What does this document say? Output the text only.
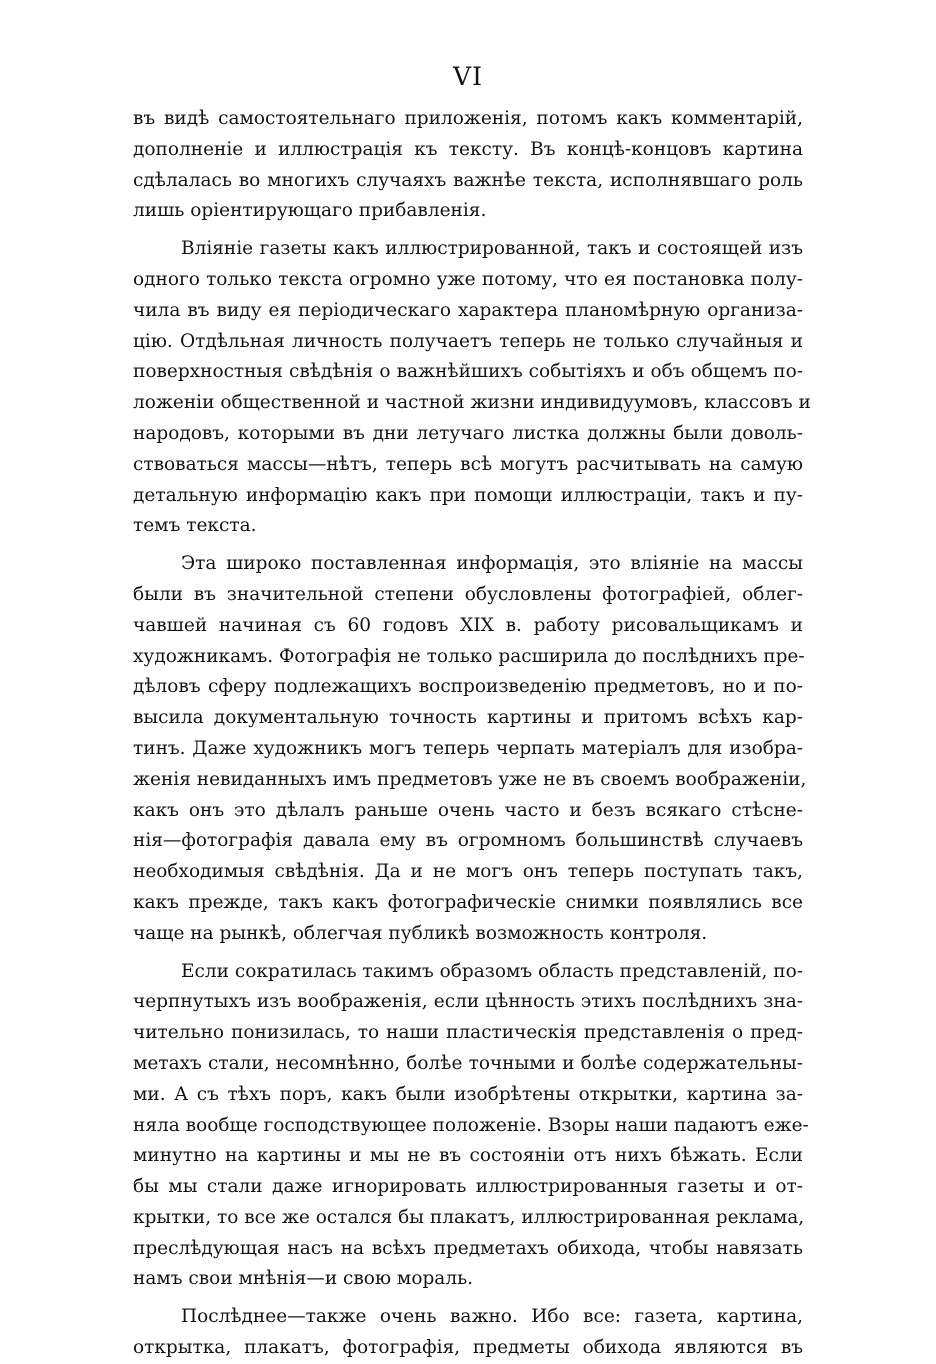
VI

въ видѣ самостоятельнаго приложенія, потомъ какъ комментарій,
дополненіе и иллюстрація къ тексту. Въ концѣ-концовъ картина
сдѣлалась во многихъ случаяхъ важнѣе текста, исполнявшаго роль
лишь оріентирующаго прибавленія.

Вліяніе газеты какъ иллюстрированной, такъ и состоящей изъ
одного только текста огромно уже потому, что ея постановка полу-
чила въ виду ея періодическаго характера планомѣрную организа-
цію. Отдѣльная личность получаетъ теперь не только случайныя и
поверхностныя свѣдѣнія о важнѣйшихъ событіяхъ и объ общемъ по-
ложеніи общественной и частной жизни индивидуумовъ, классовъ и
народовъ, которыми въ дни летучаго листка должны были доволь-
ствоваться массы—нѣтъ, теперь всѣ могутъ расчитывать на самую
детальную информацію какъ при помощи иллюстраціи, такъ и пу-
темъ текста.

Эта широко поставленная информація, это вліяніе на массы
были въ значительной степени обусловлены фотографіей, облег-
чавшей начиная съ 60 годовъ XIX в. работу рисовальщикамъ и
художникамъ. Фотографія не только расширила до послѣднихъ пре-
дѣловъ сферу подлежащихъ воспроизведенію предметовъ, но и по-
высила документальную точность картины и притомъ всѣхъ кар-
тинъ. Даже художникъ могъ теперь черпать матеріалъ для изобра-
женія невиданныхъ имъ предметовъ уже не въ своемъ воображеніи,
какъ онъ это дѣлалъ раньше очень часто и безъ всякаго стѣсне-
нія—фотографія давала ему въ огромномъ большинствѣ случаевъ
необходимыя свѣдѣнія. Да и не могъ онъ теперь поступать такъ,
какъ прежде, такъ какъ фотографическіе снимки появлялись все
чаще на рынкѣ, облегчая публикѣ возможность контроля.

Если сократилась такимъ образомъ область представленій, по-
черпнутыхъ изъ воображенія, если цѣнность этихъ послѣднихъ зна-
чительно понизилась, то наши пластическія представленія о пред-
метахъ стали, несомнѣнно, болѣе точными и болѣе содержательны-
ми. А съ тѣхъ поръ, какъ были изобрѣтены открытки, картина за-
няла вообще господствующее положеніе. Взоры наши падаютъ еже-
минутно на картины и мы не въ состояніи отъ нихъ бѣжать. Если
бы мы стали даже игнорировать иллюстрированныя газеты и от-
крытки, то все же остался бы плакатъ, иллюстрированная реклама,
преслѣдующая насъ на всѣхъ предметахъ обихода, чтобы навязать
намъ свои мнѣнія—и свою мораль.

Послѣднее—также очень важно. Ибо все: газета, картина,
открытка, плакатъ, фотографія, предметы обихода являются въ
